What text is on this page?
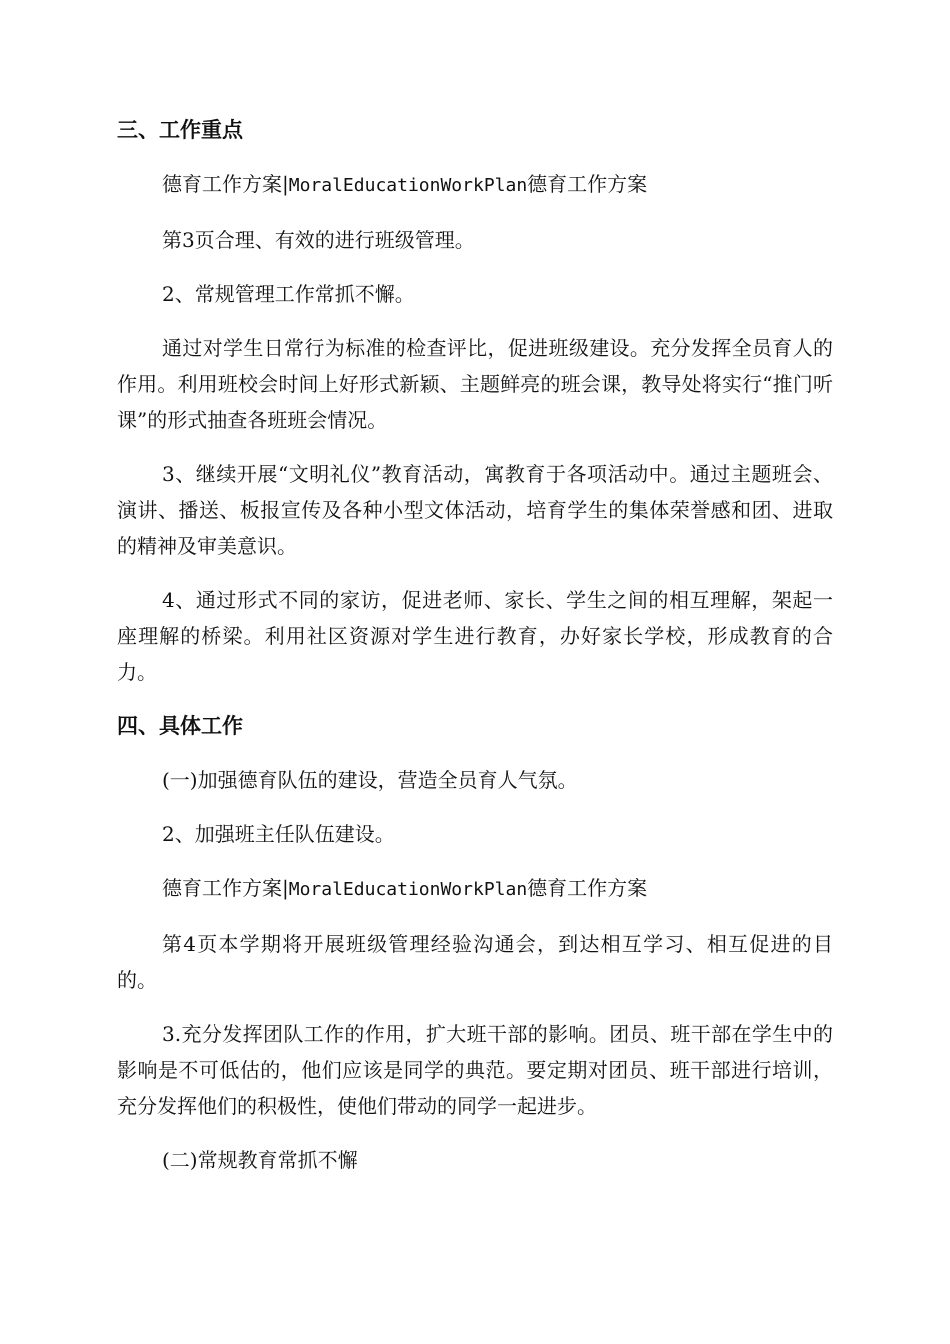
三、工作重点

德育工作方案|MoralEducationWorkPlan德育工作方案

第3页合理、有效的进行班级管理。

2、常规管理工作常抓不懈。

通过对学生日常行为标准的检查评比，促进班级建设。充分发挥全员育人的作用。利用班校会时间上好形式新颖、主题鲜亮的班会课，教导处将实行“推门听课”的形式抽查各班班会情况。

3、继续开展“文明礼仪”教育活动，寓教育于各项活动中。通过主题班会、演讲、播送、板报宣传及各种小型文体活动，培育学生的集体荣誉感和团、进取的精神及审美意识。

4、通过形式不同的家访，促进老师、家长、学生之间的相互理解，架起一座理解的桥梁。利用社区资源对学生进行教育，办好家长学校，形成教育的合力。

四、具体工作

(一)加强德育队伍的建设，营造全员育人气氛。

2、加强班主任队伍建设。

德育工作方案|MoralEducationWorkPlan德育工作方案

第4页本学期将开展班级管理经验沟通会，到达相互学习、相互促进的目的。

3.充分发挥团队工作的作用，扩大班干部的影响。团员、班干部在学生中的影响是不可低估的，他们应该是同学的典范。要定期对团员、班干部进行培训，充分发挥他们的积极性，使他们带动的同学一起进步。

(二)常规教育常抓不懈
